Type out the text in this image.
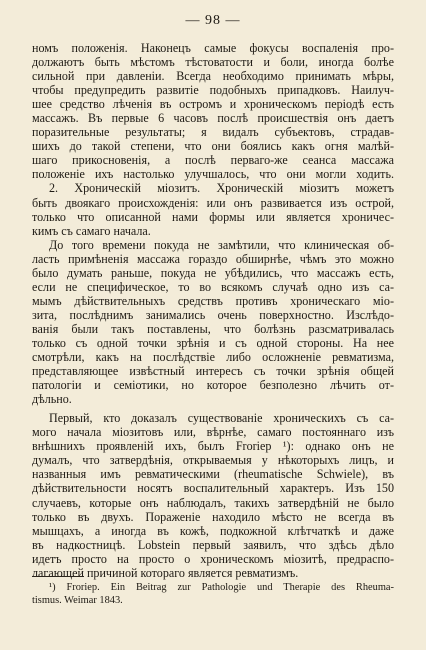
— 98 —
номъ положенія. Наконецъ самые фокусы воспаленія про-
должаютъ быть мѣстомъ тѣстоватости и боли, иногда болѣе
сильной при давленіи. Всегда необходимо принимать мѣры,
чтобы предупредить развитіе подобныхъ припадковъ. Наилуч-
шее средство лѣченія въ остромъ и хроническомъ періодѣ есть
массажъ. Въ первые 6 часовъ послѣ происшествія онъ даетъ
поразительные результаты; я видалъ субъектовъ, страдав-
шихъ до такой степени, что они боялись какъ огня малѣй-
шаго прикосновенія, а послѣ перваго-же сеанса массажа
положеніе ихъ настолько улучшалось, что они могли ходить.
2. Хроническій міозитъ. Хроническій міозитъ можетъ
быть двоякаго происхожденія: или онъ развивается изъ острой,
только что описанной нами формы или является хроничес-
кимъ съ самаго начала.
До того времени покуда не замѣтили, что клиническая об-
ласть примѣненія массажа гораздо обширнѣе, чѣмъ это можно
было думать раньше, покуда не убѣдились, что массажъ есть,
если не специфическое, то во всякомъ случаѣ одно изъ са-
мымъ дѣйствительныхъ средствъ противъ хроническаго міо-
зита, послѣднимъ занимались очень поверхностно. Изслѣдо-
ванія были такъ поставлены, что болѣзнь разсматривалась
только съ одной точки зрѣнія и съ одной стороны. На нее
смотрѣли, какъ на послѣдствіе либо осложненіе ревматизма,
представляющее извѣстный интересъ съ точки зрѣнія общей
патологіи и семіотики, но которое безполезно лѣчить от-
дѣльно.
Первый, кто доказалъ существованіе хроническихъ съ са-
мого начала міозитовъ или, вѣрнѣе, самаго постояннаго изъ
внѣшнихъ проявленій ихъ, былъ Froriep ¹): однако онъ не
думалъ, что затвердѣнія, открываемыя у нѣкоторыхъ лицъ, и
названныя имъ ревматическими (rheumatische Schwiele), въ
дѣйствительности носятъ воспалительный характеръ. Изъ 150
случаевъ, которые онъ наблюдалъ, такихъ затвердѣній не было
только въ двухъ. Пораженіе находило мѣсто не всегда въ
мышцахъ, а иногда въ кожѣ, подкожной клѣтчаткѣ и даже
въ надкостницѣ. Lobstein первый заявилъ, что здѣсь дѣло
идетъ просто на просто о хроническомъ міозитѣ, предраспо-
лагающей причиной котораго является ревматизмъ.
¹) Froriep. Ein Beitrag zur Pathologie und Therapie des Rheuma-
tismus. Weimar 1843.
